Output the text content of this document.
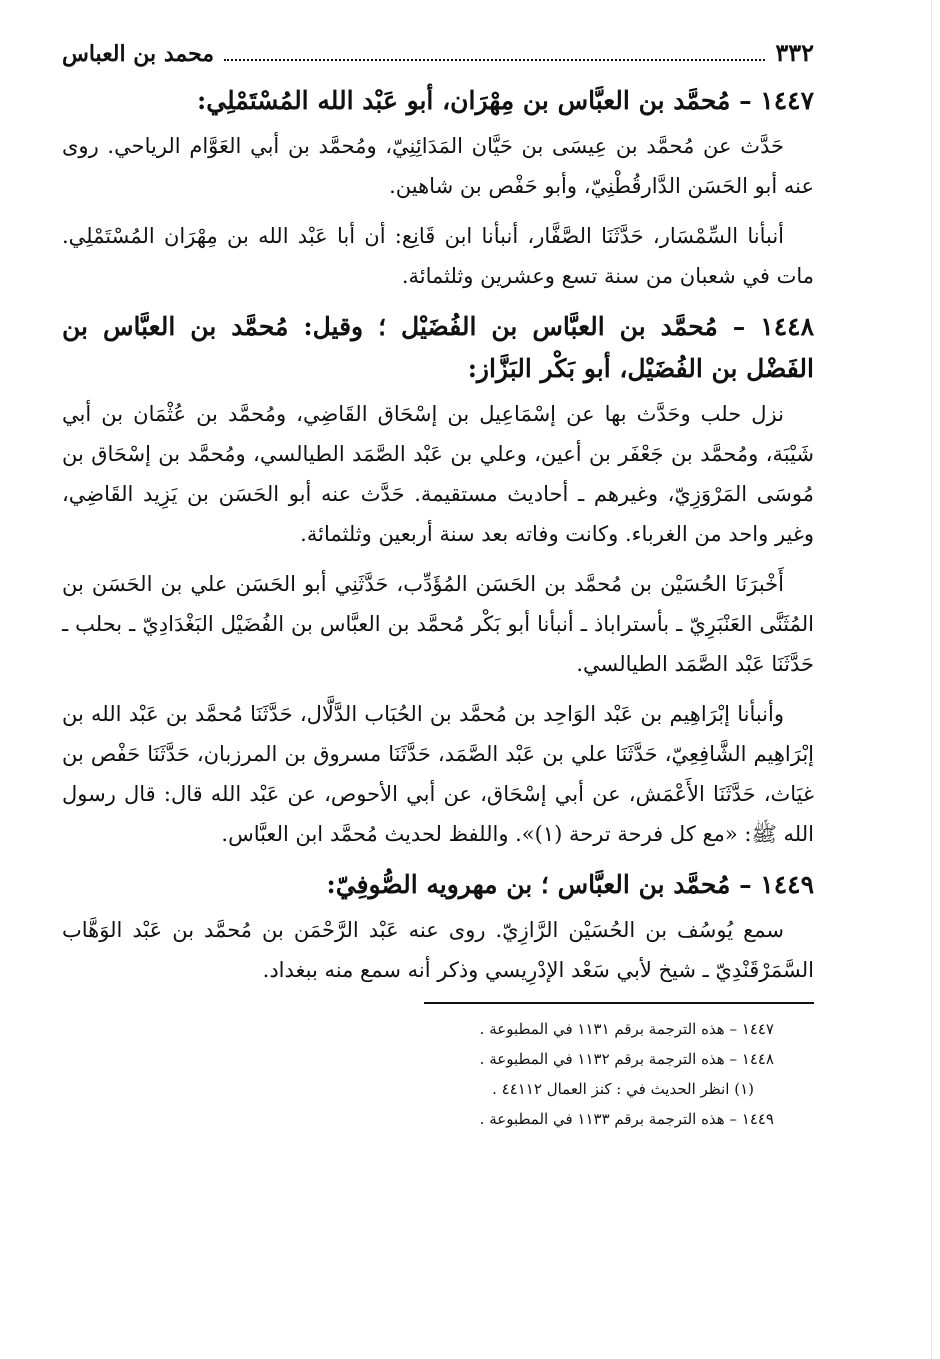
٣٣٢
محمد بن العباس
١٤٤٧ – مُحمَّد بن العبَّاس بن مِهْرَان، أبو عَبْد الله المُسْتَمْلِي:

حَدَّث عن مُحمَّد بن عِيسَى بن حَيَّان المَدَائِنِيّ، ومُحمَّد بن أبي العَوَّام الرياحي. روى عنه أبو الحَسَن الدَّارقُطْنِيّ، وأبو حَفْص بن شاهين.

أنبأنا السِّمْسَار، حَدَّثَنَا الصَّفَّار، أنبأنا ابن قَانِع: أن أبا عَبْد الله بن مِهْرَان المُسْتَمْلِي. مات في شعبان من سنة تسع وعشرين وثلثمائة.

١٤٤٨ – مُحمَّد بن العبَّاس بن الفُضَيْل ؛ وقيل: مُحمَّد بن العبَّاس بن الفَضْل بن الفُضَيْل، أبو بَكْر البَزَّاز:

نزل حلب وحَدَّث بها عن إسْمَاعِيل بن إسْحَاق القَاضِي، ومُحمَّد بن عُثْمَان بن أبي شَيْبَة، ومُحمَّد بن جَعْفَر بن أعين، وعلي بن عَبْد الصَّمَد الطيالسي، ومُحمَّد بن إسْحَاق بن مُوسَى المَرْوَزِيّ، وغيرهم ـ أحاديث مستقيمة. حَدَّث عنه أبو الحَسَن بن يَزِيد القَاضِي، وغير واحد من الغرباء. وكانت وفاته بعد سنة أربعين وثلثمائة.

أَخْبرَنَا الحُسَيْن بن مُحمَّد بن الحَسَن المُؤَدِّب، حَدَّثَنِي أبو الحَسَن علي بن الحَسَن بن المُثَنَّى العَنْبَرِيّ ـ بأستراباذ ـ أنبأنا أبو بَكْر مُحمَّد بن العبَّاس بن الفُضَيْل البَغْدَادِيّ ـ بحلب ـ حَدَّثَنَا عَبْد الصَّمَد الطيالسي.

وأنبأنا إبْرَاهِيم بن عَبْد الوَاحِد بن مُحمَّد بن الحُبَاب الدَّلَّال، حَدَّثَنَا مُحمَّد بن عَبْد الله بن إبْرَاهِيم الشَّافِعِيّ، حَدَّثَنَا علي بن عَبْد الصَّمَد، حَدَّثَنَا مسروق بن المرزبان، حَدَّثَنَا حَفْص بن غيَاث، حَدَّثَنَا الأَعْمَش، عن أبي إسْحَاق، عن أبي الأحوص، عن عَبْد الله قال: قال رسول الله ﷺ: «مع كل فرحة ترحة (١)». واللفظ لحديث مُحمَّد ابن العبَّاس.

١٤٤٩ – مُحمَّد بن العبَّاس ؛ بن مهرويه الصُّوفِيّ:

سمع يُوسُف بن الحُسَيْن الرَّازِيّ. روى عنه عَبْد الرَّحْمَن بن مُحمَّد بن عَبْد الوَهَّاب السَّمَرْقَنْدِيّ ـ شيخ لأبي سَعْد الإدْرِيسي وذكر أنه سمع منه ببغداد.

١٤٤٧ – هذه الترجمة برقم ١١٣١ في المطبوعة .

١٤٤٨ – هذه الترجمة برقم ١١٣٢ في المطبوعة .

(١) انظر الحديث في : كنز العمال ٤٤١١٢ .

١٤٤٩ – هذه الترجمة برقم ١١٣٣ في المطبوعة .
